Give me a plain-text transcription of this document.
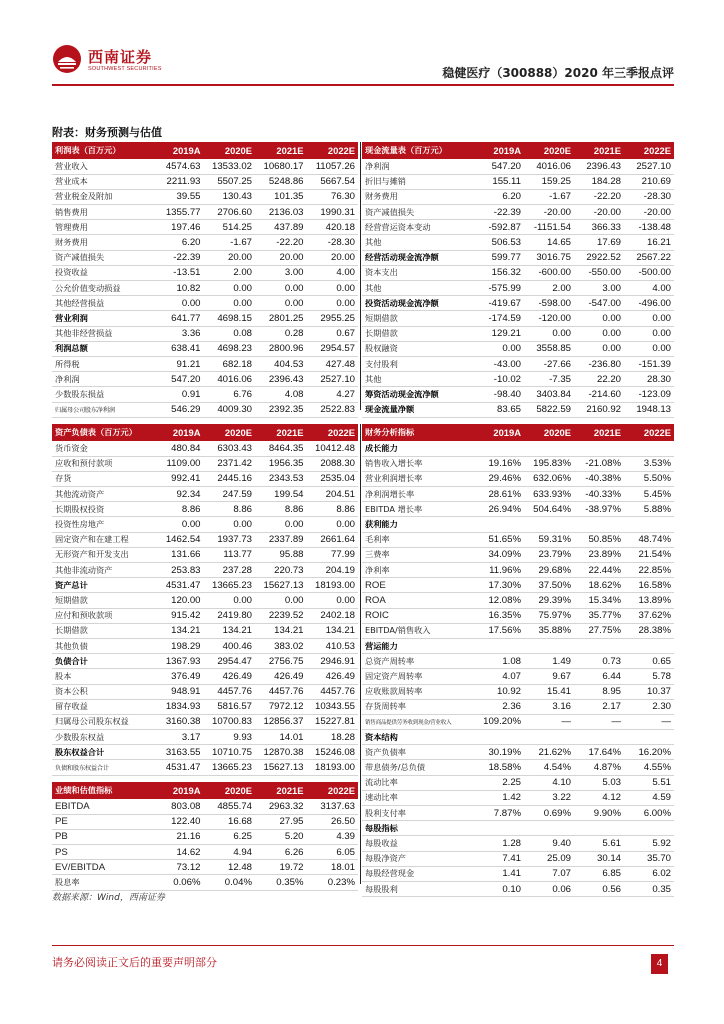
西南证券
SOUTHWEST SECURITIES	稳健医疗（300888）2020 年三季报点评
附表：财务预测与估值
利润表（百万元）	2019A	2020E	2021E	2022E
营业收入	4574.63	13533.02	10680.17	11057.26
营业成本	2211.93	5507.25	5248.86	5667.54
营业税金及附加	39.55	130.43	101.35	76.30
销售费用	1355.77	2706.60	2136.03	1990.31
管理费用	197.46	514.25	437.89	420.18
财务费用	6.20	-1.67	-22.20	-28.30
资产减值损失	-22.39	20.00	20.00	20.00
投资收益	-13.51	2.00	3.00	4.00
公允价值变动损益	10.82	0.00	0.00	0.00
其他经营损益	0.00	0.00	0.00	0.00
营业利润	641.77	4698.15	2801.25	2955.25
其他非经营损益	3.36	0.08	0.28	0.67
利润总额	638.41	4698.23	2800.96	2954.57
所得税	91.21	682.18	404.53	427.48
净利润	547.20	4016.06	2396.43	2527.10
少数股东损益	0.91	6.76	4.08	4.27
归属母公司股东净利润	546.29	4009.30	2392.35	2522.83
现金流量表（百万元）	2019A	2020E	2021E	2022E
净利润	547.20	4016.06	2396.43	2527.10
折旧与摊销	155.11	159.25	184.28	210.69
财务费用	6.20	-1.67	-22.20	-28.30
资产减值损失	-22.39	-20.00	-20.00	-20.00
经营营运资本变动	-592.87	-1151.54	366.33	-138.48
其他	506.53	14.65	17.69	16.21
经营活动现金流净额	599.77	3016.75	2922.52	2567.22
资本支出	156.32	-600.00	-550.00	-500.00
其他	-575.99	2.00	3.00	4.00
投资活动现金流净额	-419.67	-598.00	-547.00	-496.00
短期借款	-174.59	-120.00	0.00	0.00
长期借款	129.21	0.00	0.00	0.00
股权融资	0.00	3558.85	0.00	0.00
支付股利	-43.00	-27.66	-236.80	-151.39
其他	-10.02	-7.35	22.20	28.30
筹资活动现金流净额	-98.40	3403.84	-214.60	-123.09
现金流量净额	83.65	5822.59	2160.92	1948.13
资产负债表（百万元）	2019A	2020E	2021E	2022E
货币资金	480.84	6303.43	8464.35	10412.48
应收和预付款项	1109.00	2371.42	1956.35	2088.30
存货	992.41	2445.16	2343.53	2535.04
其他流动资产	92.34	247.59	199.54	204.51
长期股权投资	8.86	8.86	8.86	8.86
投资性房地产	0.00	0.00	0.00	0.00
固定资产和在建工程	1462.54	1937.73	2337.89	2661.64
无形资产和开发支出	131.66	113.77	95.88	77.99
其他非流动资产	253.83	237.28	220.73	204.19
资产总计	4531.47	13665.23	15627.13	18193.00
短期借款	120.00	0.00	0.00	0.00
应付和预收款项	915.42	2419.80	2239.52	2402.18
长期借款	134.21	134.21	134.21	134.21
其他负债	198.29	400.46	383.02	410.53
负债合计	1367.93	2954.47	2756.75	2946.91
股本	376.49	426.49	426.49	426.49
资本公积	948.91	4457.76	4457.76	4457.76
留存收益	1834.93	5816.57	7972.12	10343.55
归属母公司股东权益	3160.38	10700.83	12856.37	15227.81
少数股东权益	3.17	9.93	14.01	18.28
股东权益合计	3163.55	10710.75	12870.38	15246.08
负债和股东权益合计	4531.47	13665.23	15627.13	18193.00
财务分析指标	2019A	2020E	2021E	2022E
成长能力				
销售收入增长率	19.16%	195.83%	-21.08%	3.53%
营业利润增长率	29.46%	632.06%	-40.38%	5.50%
净利润增长率	28.61%	633.93%	-40.33%	5.45%
EBITDA 增长率	26.94%	504.64%	-38.97%	5.88%
获利能力				
毛利率	51.65%	59.31%	50.85%	48.74%
三费率	34.09%	23.79%	23.89%	21.54%
净利率	11.96%	29.68%	22.44%	22.85%
ROE	17.30%	37.50%	18.62%	16.58%
ROA	12.08%	29.39%	15.34%	13.89%
ROIC	16.35%	75.97%	35.77%	37.62%
EBITDA/销售收入	17.56%	35.88%	27.75%	28.38%
营运能力				
总资产周转率	1.08	1.49	0.73	0.65
固定资产周转率	4.07	9.67	6.44	5.78
应收账款周转率	10.92	15.41	8.95	10.37
存货周转率	2.36	3.16	2.17	2.30
销售商品提供劳务收到现金/营业收入	109.20%	—	—	—
资本结构				
资产负债率	30.19%	21.62%	17.64%	16.20%
带息债务/总负债	18.58%	4.54%	4.87%	4.55%
流动比率	2.25	4.10	5.03	5.51
速动比率	1.42	3.22	4.12	4.59
股利支付率	7.87%	0.69%	9.90%	6.00%
每股指标				
每股收益	1.28	9.40	5.61	5.92
每股净资产	7.41	25.09	30.14	35.70
每股经营现金	1.41	7.07	6.85	6.02
每股股利	0.10	0.06	0.56	0.35
业绩和估值指标	2019A	2020E	2021E	2022E
EBITDA	803.08	4855.74	2963.32	3137.63
PE	122.40	16.68	27.95	26.50
PB	21.16	6.25	5.20	4.39
PS	14.62	4.94	6.26	6.05
EV/EBITDA	73.12	12.48	19.72	18.01
股息率	0.06%	0.04%	0.35%	0.23%
数据来源：Wind，西南证券
请务必阅读正文后的重要声明部分	4
